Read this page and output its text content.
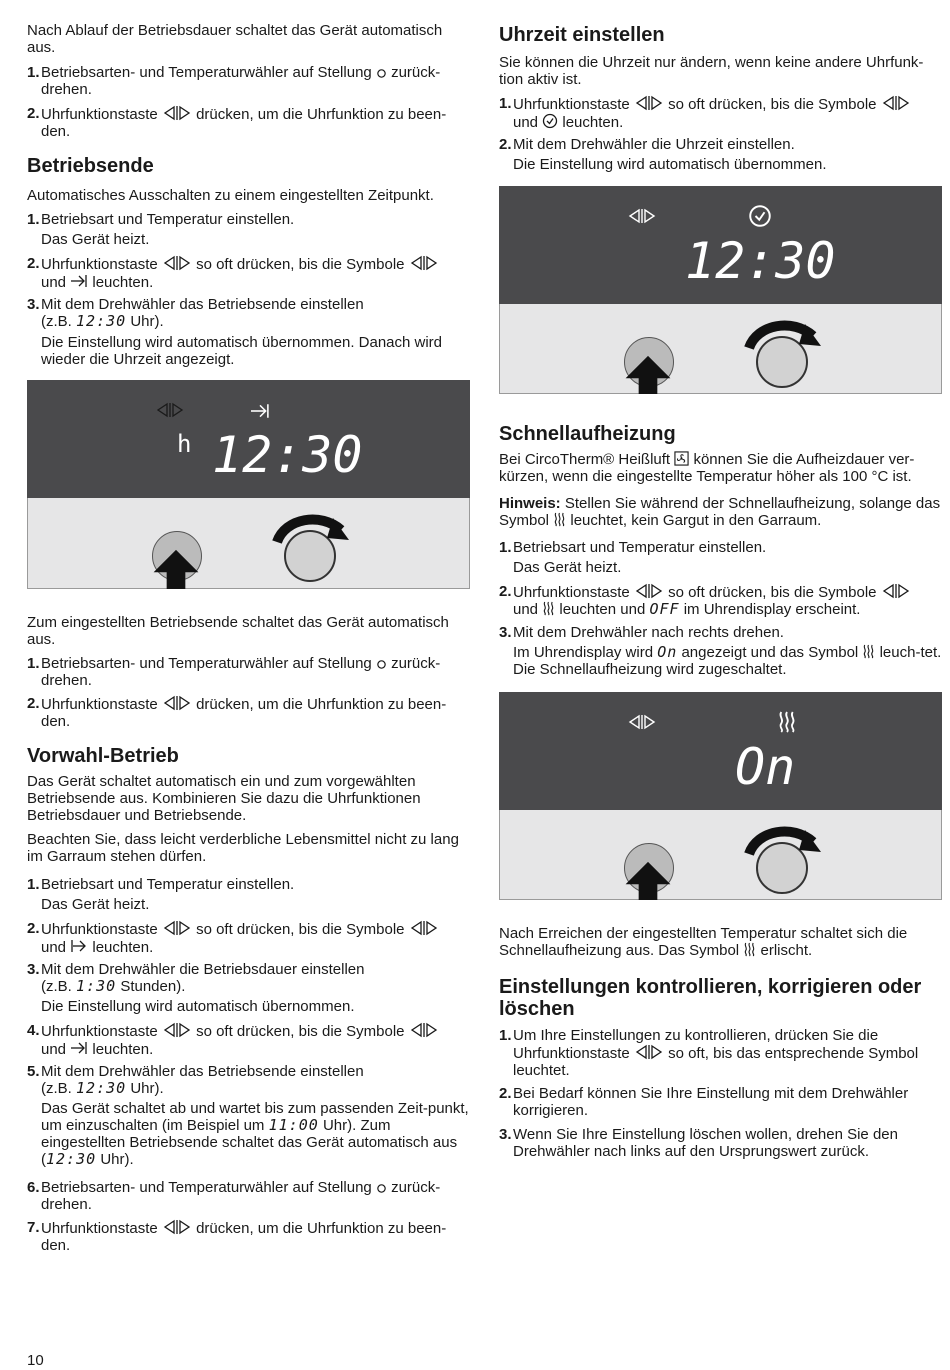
Nach Ablauf der Betriebsdauer schaltet das Gerät automatisch aus.

1. Betriebsarten- und Temperaturwähler auf Stellung zurück-drehen.
2. Uhrfunktionstaste	drücken, um die Uhrfunktion zu been-den.
Betriebsende

Automatisches Ausschalten zu einem eingestellten Zeitpunkt.

1. Betriebsart und Temperatur einstellen.
Das Gerät heizt.
2. Uhrfunktionstaste	so oft drücken, bis die Symbole
und leuchten.
3. Mit dem Drehwähler das Betriebsende einstellen
(z.B. 12:30 Uhr).
Die Einstellung wird automatisch übernommen. Danach wird wieder die Uhrzeit angezeigt.
h 12:30

Zum eingestellten Betriebsende schaltet das Gerät automatisch aus.

1. Betriebsarten- und Temperaturwähler auf Stellung zurück-drehen.
2. Uhrfunktionstaste	drücken, um die Uhrfunktion zu been-den.
Vorwahl-Betrieb

Das Gerät schaltet automatisch ein und zum vorgewählten Betriebsende aus. Kombinieren Sie dazu die Uhrfunktionen Betriebsdauer und Betriebsende.

Beachten Sie, dass leicht verderbliche Lebensmittel nicht zu lang im Garraum stehen dürfen.

1. Betriebsart und Temperatur einstellen.
Das Gerät heizt.
2. Uhrfunktionstaste	so oft drücken, bis die Symbole
und leuchten.
3. Mit dem Drehwähler die Betriebsdauer einstellen
(z.B. 1:30 Stunden).
Die Einstellung wird automatisch übernommen.
4. Uhrfunktionstaste	so oft drücken, bis die Symbole
und leuchten.
5. Mit dem Drehwähler das Betriebsende einstellen
(z.B. 12:30 Uhr).
Das Gerät schaltet ab und wartet bis zum passenden Zeit-punkt, um einzuschalten (im Beispiel um 11:00 Uhr). Zum eingestellten Betriebsende schaltet das Gerät automatisch aus (12:30 Uhr).
6. Betriebsarten- und Temperaturwähler auf Stellung zurück-drehen.
7. Uhrfunktionstaste	drücken, um die Uhrfunktion zu been-den.
Uhrzeit einstellen

Sie können die Uhrzeit nur ändern, wenn keine andere Uhrfunk-tion aktiv ist.

1. Uhrfunktionstaste	so oft drücken, bis die Symbole
und leuchten.
2. Mit dem Drehwähler die Uhrzeit einstellen.
Die Einstellung wird automatisch übernommen.
12:30
Schnellaufheizung

Bei CircoTherm® Heißluft können Sie die Aufheizdauer ver-kürzen, wenn die eingestellte Temperatur höher als 100 °C ist.

Hinweis: Stellen Sie während der Schnellaufheizung, solange das Symbol leuchtet, kein Gargut in den Garraum.

1. Betriebsart und Temperatur einstellen.
Das Gerät heizt.
2. Uhrfunktionstaste	so oft drücken, bis die Symbole
und leuchten und OFF im Uhrendisplay erscheint.
3. Mit dem Drehwähler nach rechts drehen.
Im Uhrendisplay wird On angezeigt und das Symbol leuch-tet. Die Schnellaufheizung wird zugeschaltet.
On

Nach Erreichen der eingestellten Temperatur schaltet sich die Schnellaufheizung aus. Das Symbol erlischt.

Einstellungen kontrollieren, korrigieren oder löschen
1. Um Ihre Einstellungen zu kontrollieren, drücken Sie die Uhrfunktionstaste	so oft, bis das entsprechende Symbol leuchtet.
2. Bei Bedarf können Sie Ihre Einstellung mit dem Drehwähler korrigieren.
3. Wenn Sie Ihre Einstellung löschen wollen, drehen Sie den Drehwähler nach links auf den Ursprungswert zurück.
10
